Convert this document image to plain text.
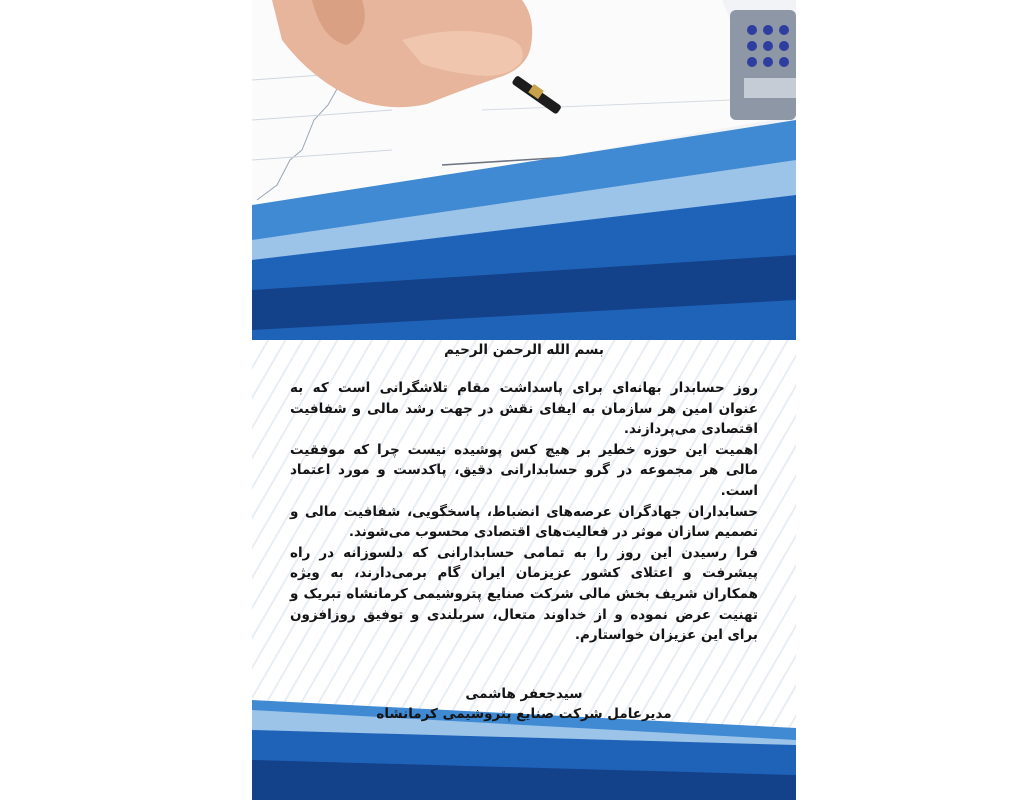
بسم الله الرحمن الرحیم

روز حسابدار بهانه‌ای برای پاسداشت مقام تلاشگرانی است که به عنوان امین هر سازمان به ایفای نقش در جهت رشد مالی و شفافیت اقتصادی می‌پردازند.

اهمیت این حوزه خطیر بر هیچ کس پوشیده نیست چرا که موفقیت مالی هر مجموعه در گرو حسابدارانی دقیق، پاکدست و مورد اعتماد است.

حسابداران جهادگران عرصه‌های انضباط، پاسخگویی، شفافیت مالی و تصمیم سازان موثر در فعالیت‌های اقتصادی محسوب می‌شوند.

فرا رسیدن این روز را به تمامی حسابدارانی که دلسوزانه در راه پیشرفت و اعتلای کشور عزیزمان ایران گام برمی‌دارند، به ویژه همکاران شریف بخش مالی شرکت صنایع پتروشیمی کرمانشاه تبریک و تهنیت عرض نموده و از خداوند متعال، سربلندی و توفیق روزافزون برای این عزیزان خواستارم.

سیدجعفر هاشمی
مدیرعامل شرکت صنایع پتروشیمی کرمانشاه
